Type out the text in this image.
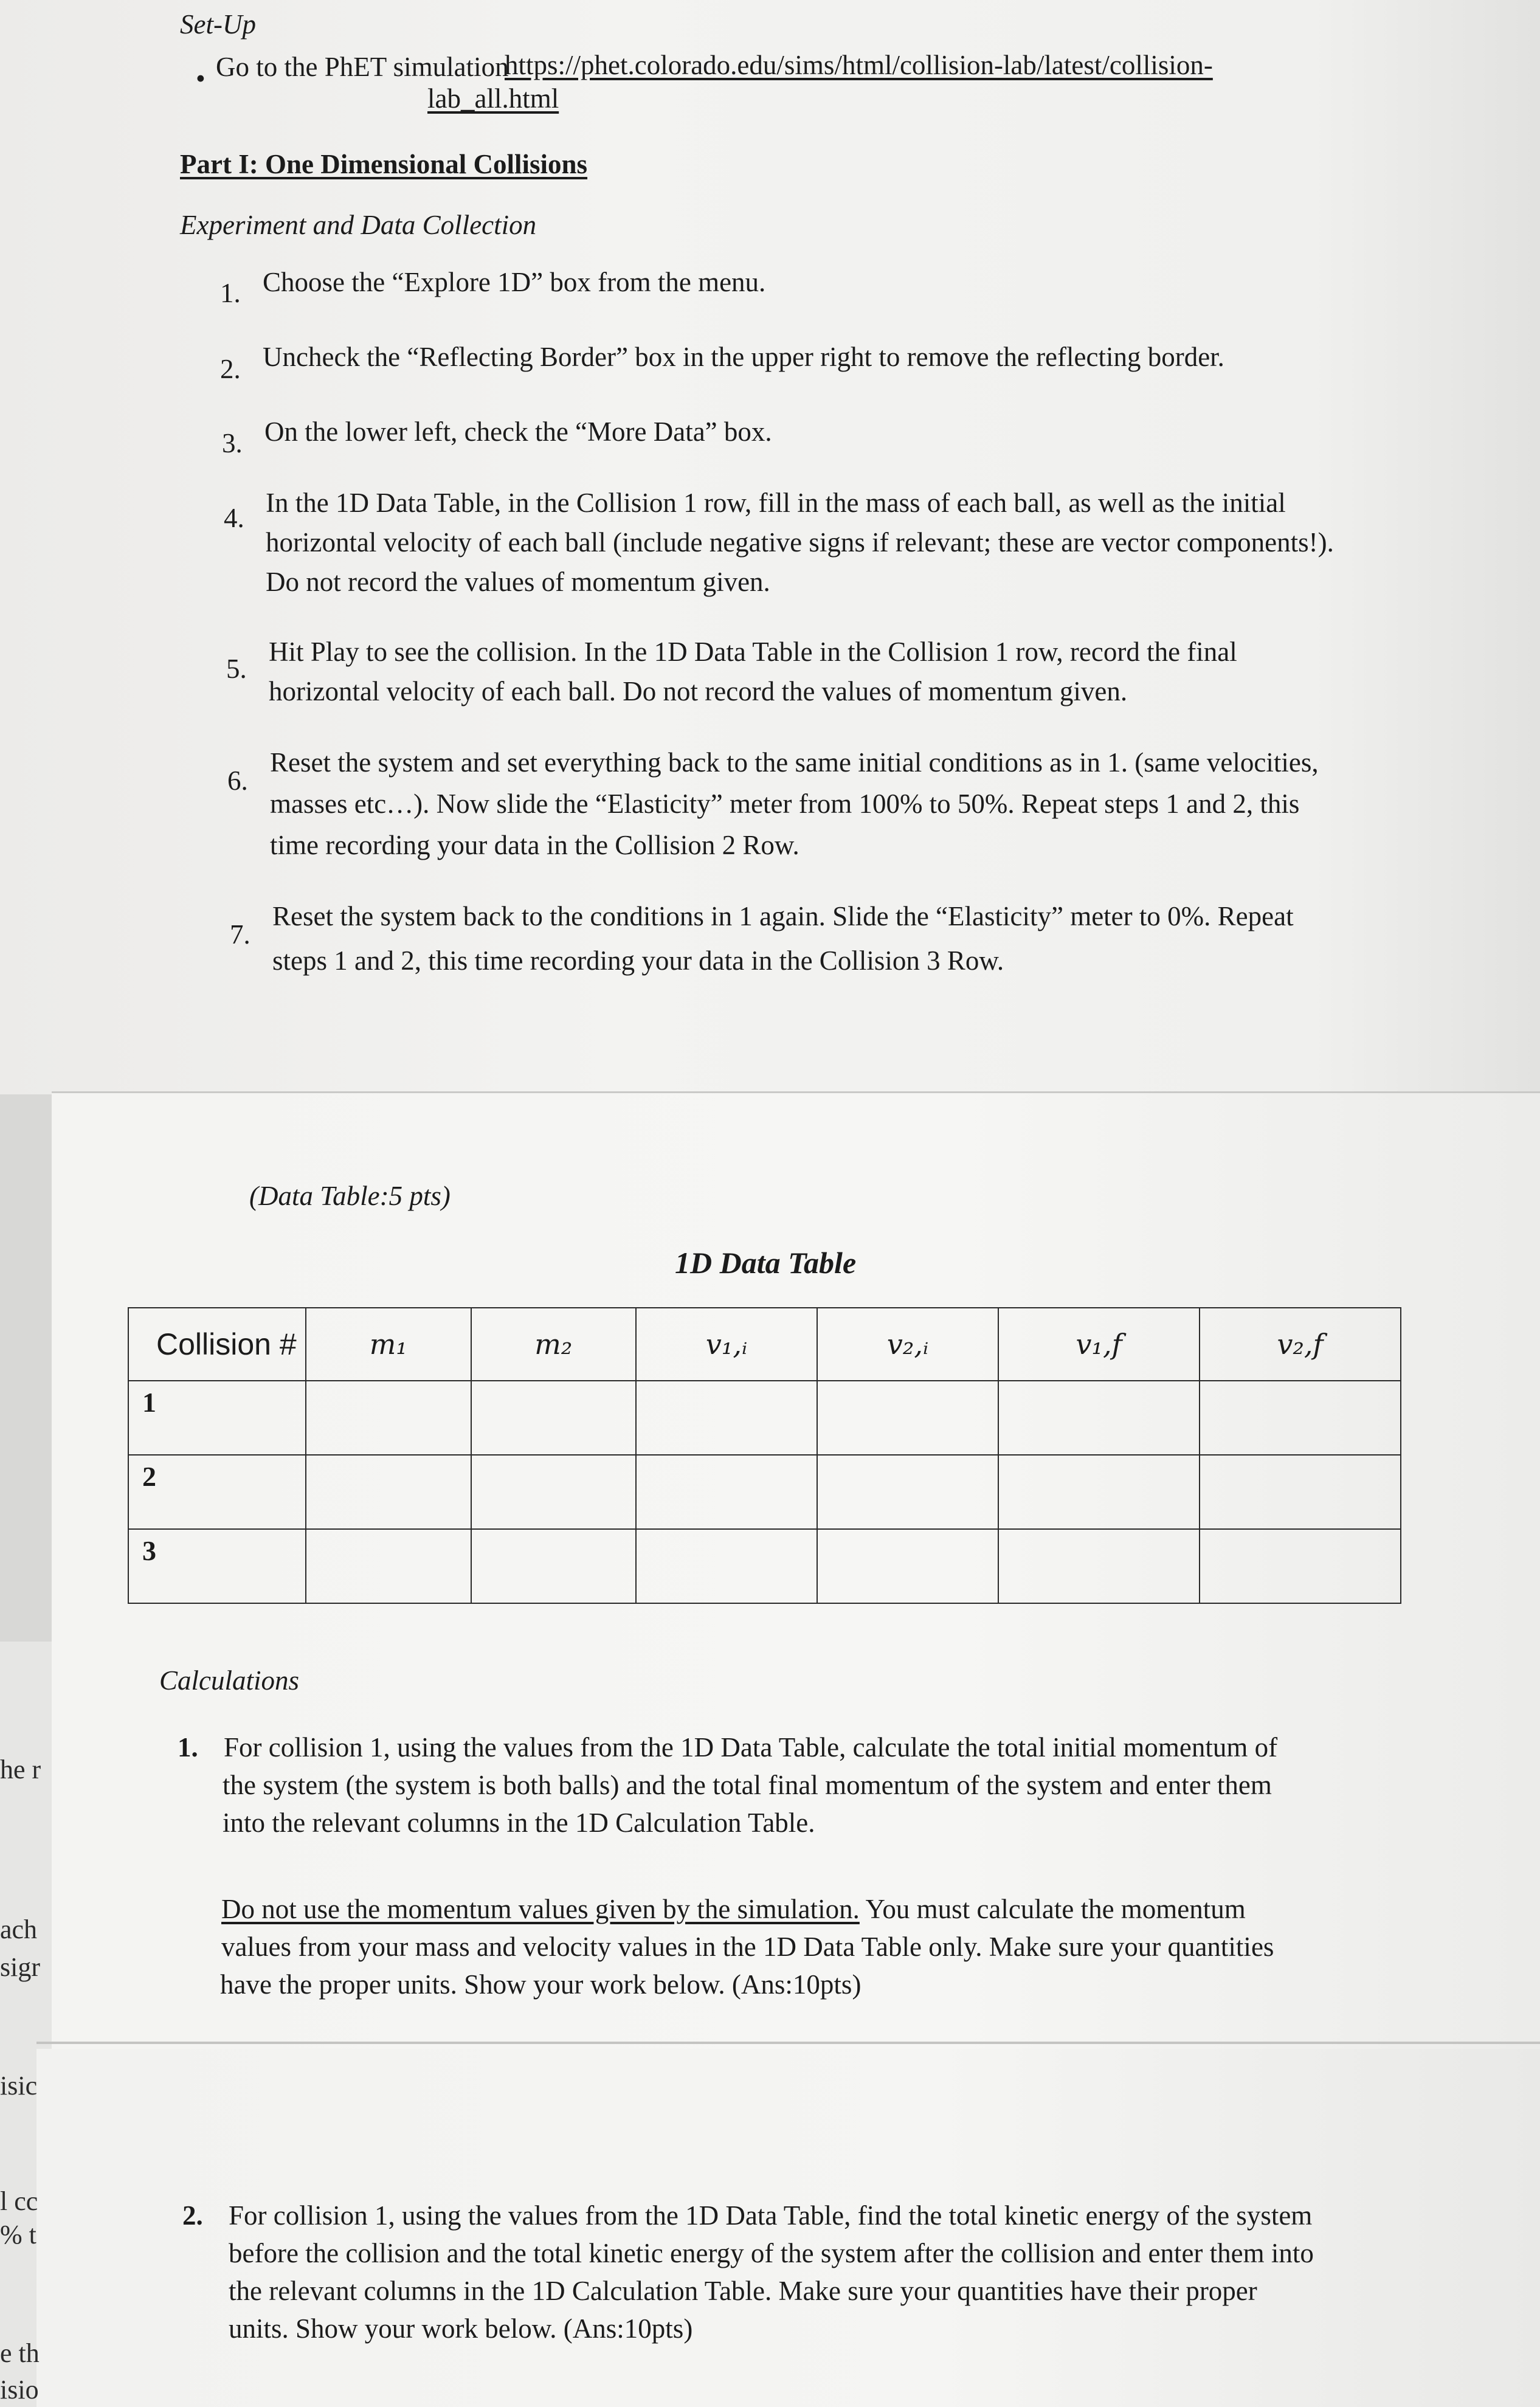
he r
ach
sigr
isic
l cc
% t
e th
isio
Set-Up
• Go to the PhET simulation
https://phet.colorado.edu/sims/html/collision-lab/latest/collision-
lab_all.html
Part I: One Dimensional Collisions
Experiment and Data Collection
1. Choose the “Explore 1D” box from the menu.
2. Uncheck the “Reflecting Border” box in the upper right to remove the reflecting border.
3. On the lower left, check the “More Data” box.
4. In the 1D Data Table, in the Collision 1 row, fill in the mass of each ball, as well as the initial
horizontal velocity of each ball (include negative signs if relevant; these are vector components!).
Do not record the values of momentum given.
5.
Hit Play to see the collision. In the 1D Data Table in the Collision 1 row, record the final
horizontal velocity of each ball. Do not record the values of momentum given.
6.
Reset the system and set everything back to the same initial conditions as in 1. (same velocities,
masses etc…). Now slide the “Elasticity” meter from 100% to 50%. Repeat steps 1 and 2, this
time recording your data in the Collision 2 Row.
7.
Reset the system back to the conditions in 1 again. Slide the “Elasticity” meter to 0%. Repeat
steps 1 and 2, this time recording your data in the Collision 3 Row.
(Data Table:5 pts)
1D Data Table
Collision #	m₁	m₂	v₁,ᵢ	v₂,ᵢ	v₁,f	v₂,f
1						
2						
3						
Calculations
1. For collision 1, using the values from the 1D Data Table, calculate the total initial momentum of
the system (the system is both balls) and the total final momentum of the system and enter them
into the relevant columns in the 1D Calculation Table.
Do not use the momentum values given by the simulation. You must calculate the momentum
values from your mass and velocity values in the 1D Data Table only. Make sure your quantities
have the proper units. Show your work below. (Ans:10pts)
2. For collision 1, using the values from the 1D Data Table, find the total kinetic energy of the system
before the collision and the total kinetic energy of the system after the collision and enter them into
the relevant columns in the 1D Calculation Table. Make sure your quantities have their proper
units. Show your work below. (Ans:10pts)
